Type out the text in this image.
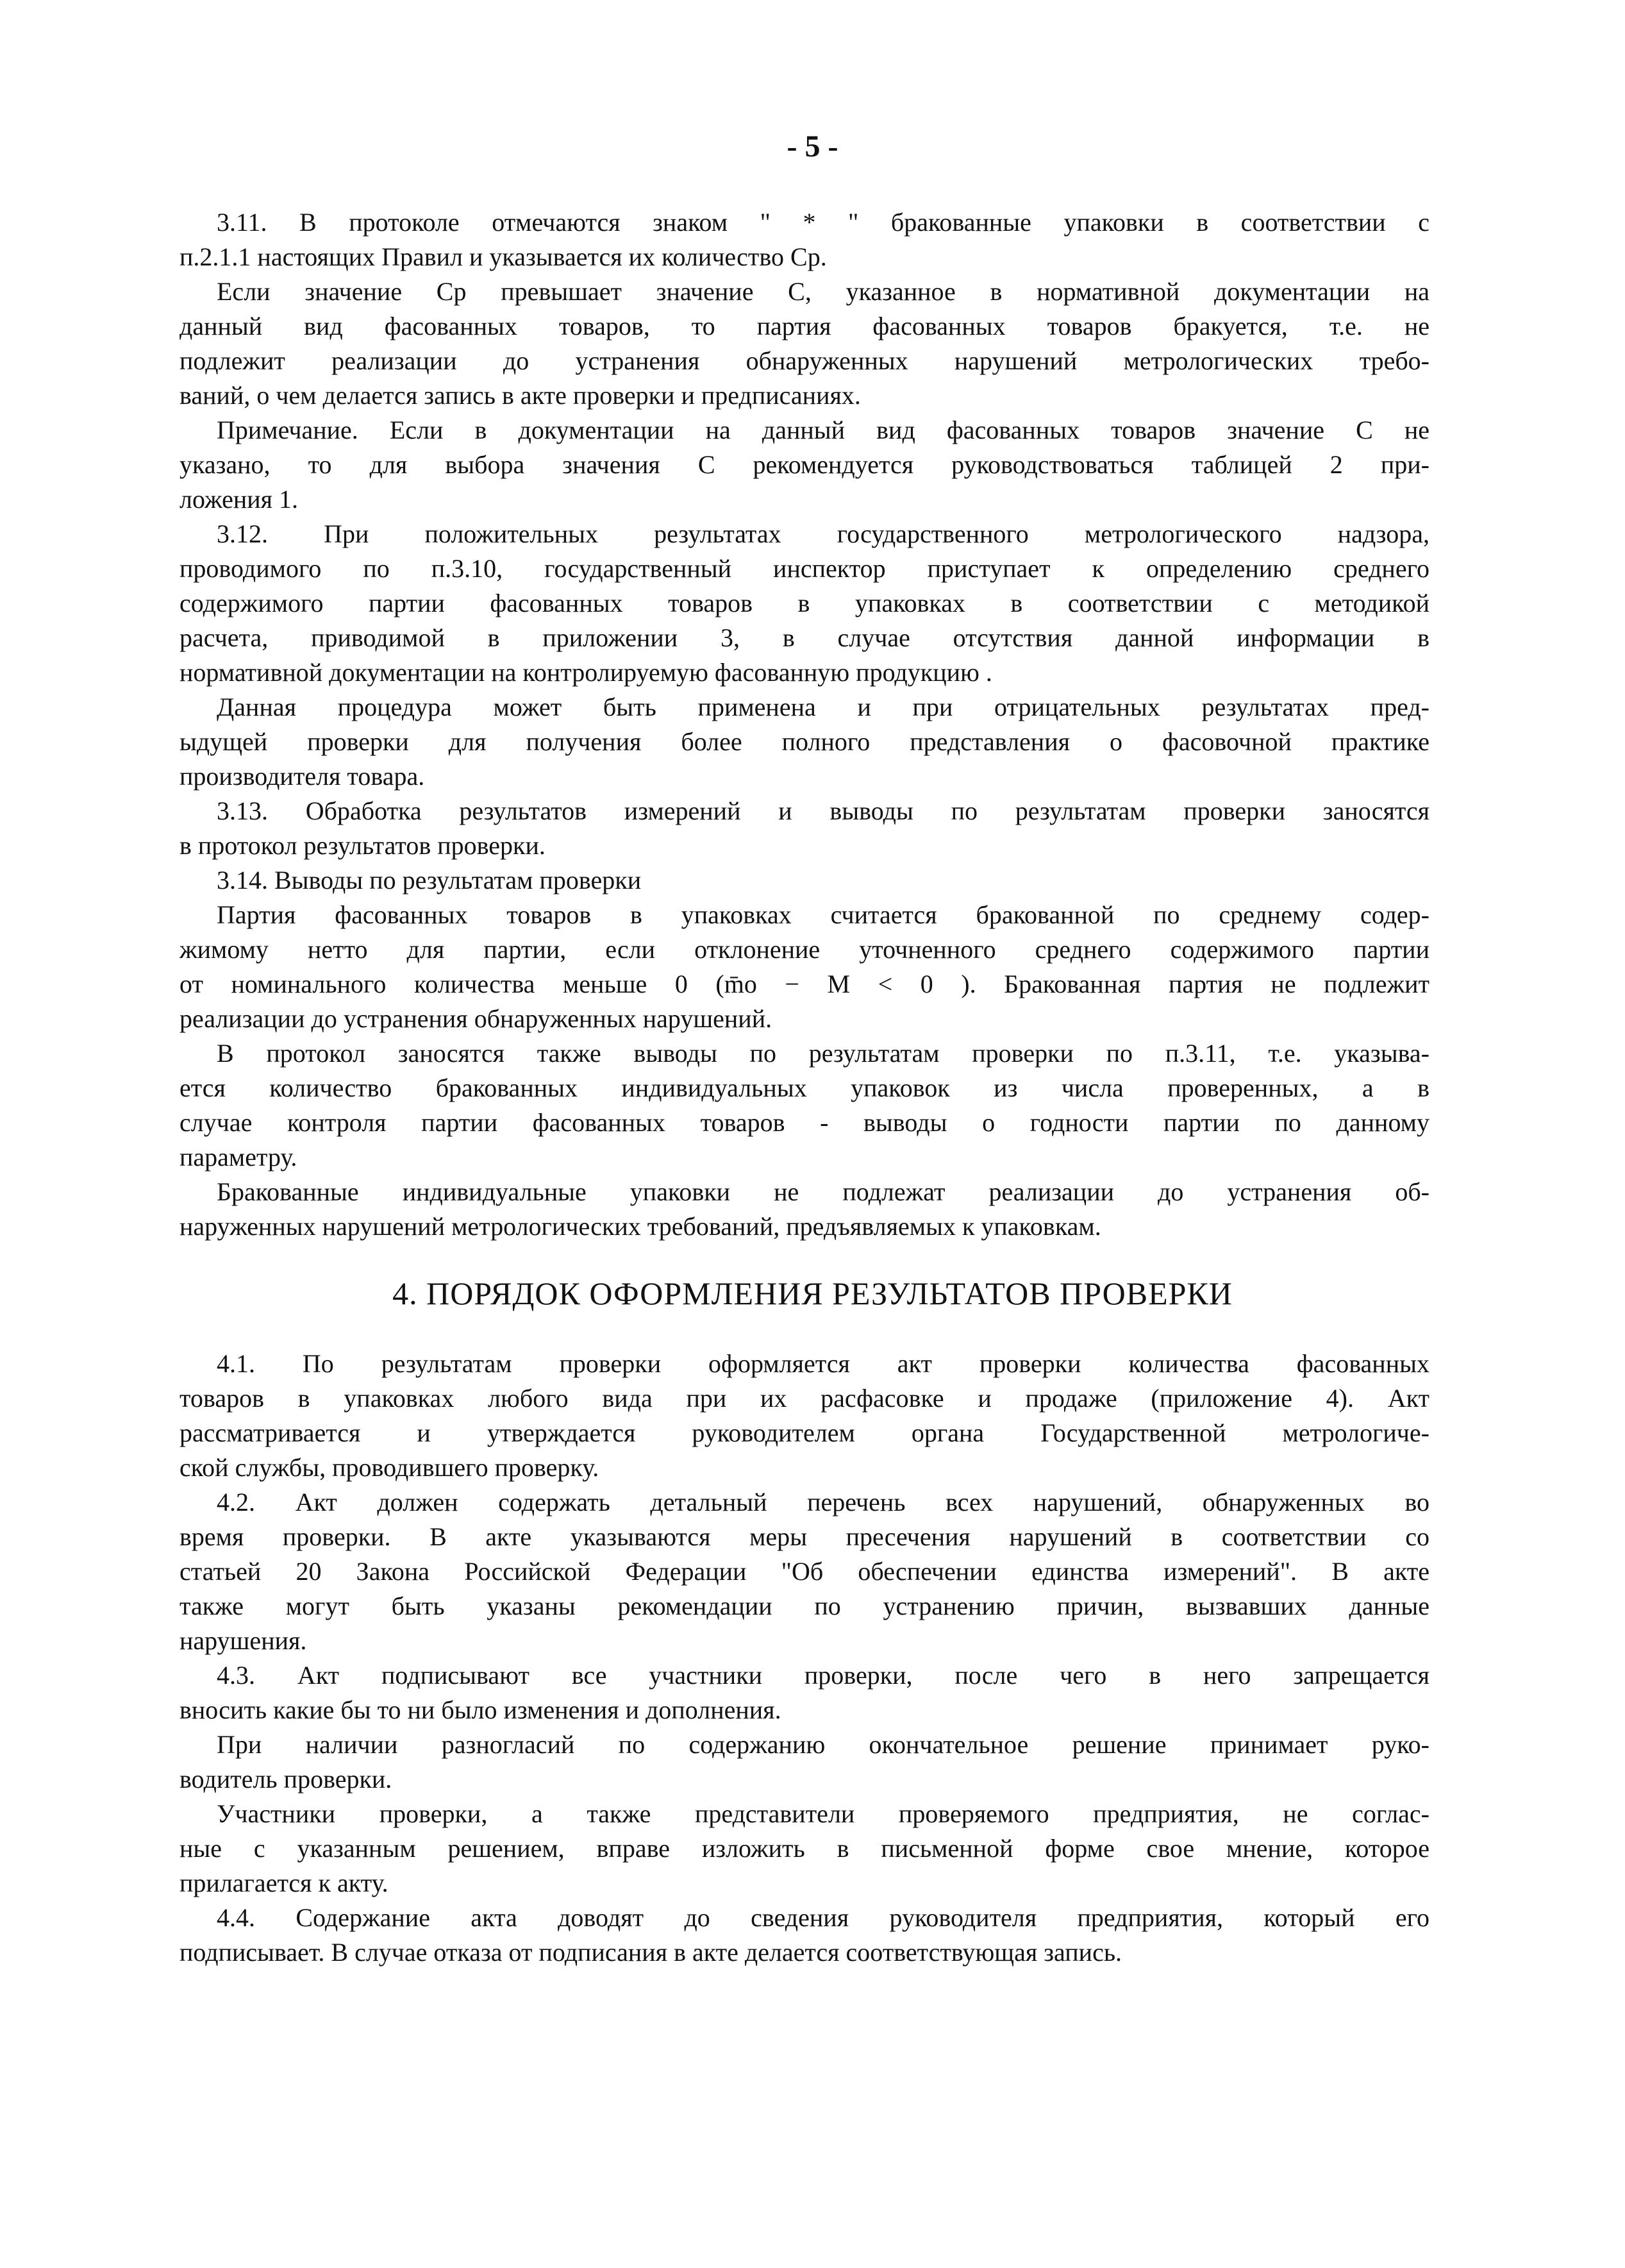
- 5 -
3.11. В протоколе отмечаются знаком " * " бракованные упаковки в соответствии с
п.2.1.1 настоящих Правил и указывается их количество Ср.
Если значение Ср превышает значение С, указанное в нормативной документации на
данный вид фасованных товаров, то партия фасованных товаров бракуется, т.е. не
подлежит реализации до устранения обнаруженных нарушений метрологических требо-
ваний, о чем делается запись в акте проверки и предписаниях.
Примечание. Если в документации на данный вид фасованных товаров значение С не
указано, то для выбора значения С рекомендуется руководствоваться таблицей 2 при-
ложения 1.
3.12. При положительных результатах государственного метрологического надзора,
проводимого по п.3.10, государственный инспектор приступает к определению среднего
содержимого партии фасованных товаров в упаковках в соответствии с методикой
расчета, приводимой в приложении 3, в случае отсутствия данной информации в
нормативной документации на контролируемую фасованную продукцию .
Данная процедура может быть применена и при отрицательных результатах пред-
ыдущей проверки для получения более полного представления о фасовочной практике
производителя товара.
3.13. Обработка результатов измерений и выводы по результатам проверки заносятся
в протокол результатов проверки.
3.14. Выводы по результатам проверки
Партия фасованных товаров в упаковках считается бракованной по среднему содер-
жимому нетто для партии, если отклонение уточненного среднего содержимого партии
от номинального количества меньше 0 (m̄o − M < 0 ). Бракованная партия не подлежит
реализации до устранения обнаруженных нарушений.
В протокол заносятся также выводы по результатам проверки по п.3.11, т.е. указыва-
ется количество бракованных индивидуальных упаковок из числа проверенных, а в
случае контроля партии фасованных товаров - выводы о годности партии по данному
параметру.
Бракованные индивидуальные упаковки не подлежат реализации до устранения об-
наруженных нарушений метрологических требований, предъявляемых к упаковкам.
4. ПОРЯДОК ОФОРМЛЕНИЯ РЕЗУЛЬТАТОВ ПРОВЕРКИ
4.1. По результатам проверки оформляется акт проверки количества фасованных
товаров в упаковках любого вида при их расфасовке и продаже (приложение 4). Акт
рассматривается и утверждается руководителем органа Государственной метрологиче-
ской службы, проводившего проверку.
4.2. Акт должен содержать детальный перечень всех нарушений, обнаруженных во
время проверки. В акте указываются меры пресечения нарушений в соответствии со
статьей 20 Закона Российской Федерации "Об обеспечении единства измерений". В акте
также могут быть указаны рекомендации по устранению причин, вызвавших данные
нарушения.
4.3. Акт подписывают все участники проверки, после чего в него запрещается
вносить какие бы то ни было изменения и дополнения.
При наличии разногласий по содержанию окончательное решение принимает руко-
водитель проверки.
Участники проверки, а также представители проверяемого предприятия, не соглас-
ные с указанным решением, вправе изложить в письменной форме свое мнение, которое
прилагается к акту.
4.4. Содержание акта доводят до сведения руководителя предприятия, который его
подписывает. В случае отказа от подписания в акте делается соответствующая запись.
